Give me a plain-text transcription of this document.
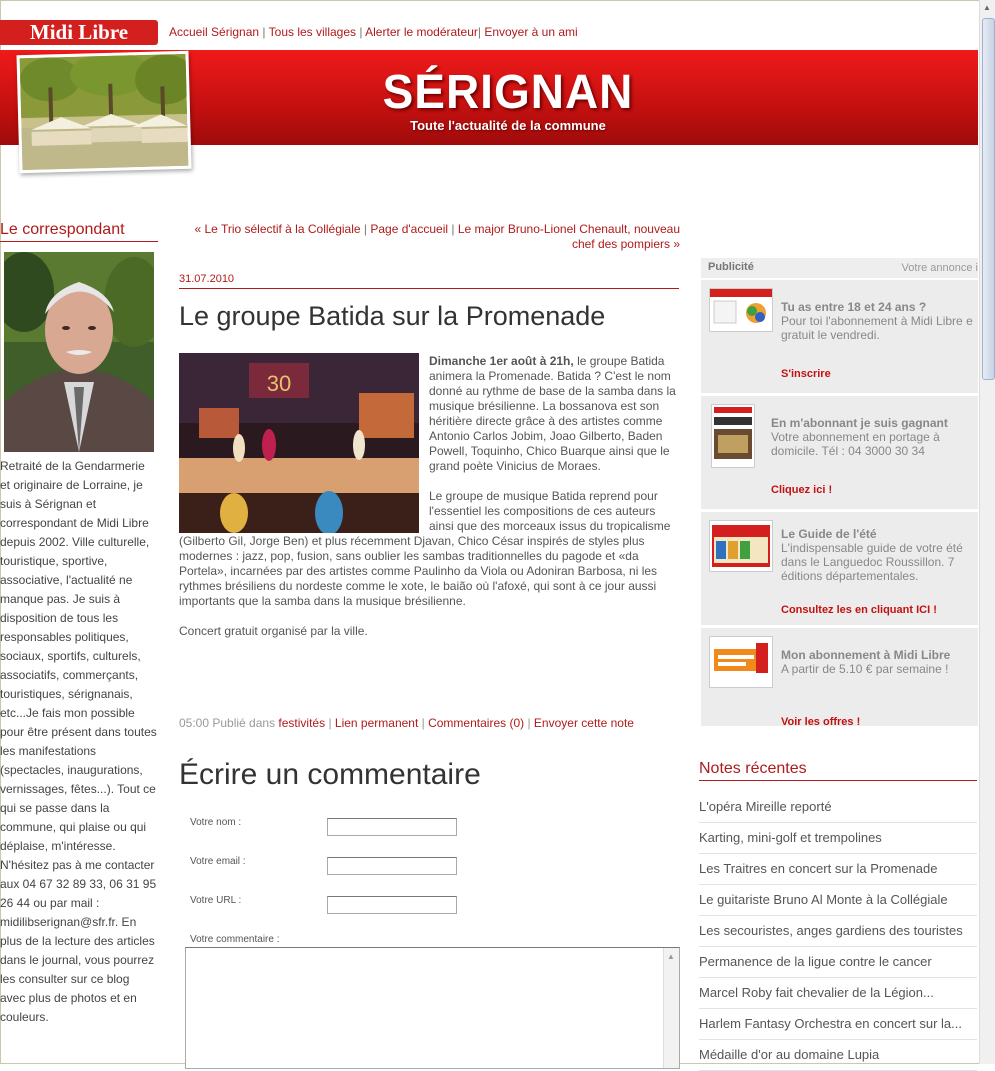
Midi Libre	Accueil Sérignan | Tous les villages | Alerter le modérateur| Envoyer à un ami
SÉRIGNAN
Toute l'actualité de la commune
Le correspondant
Retraité de la Gendarmerie et originaire de Lorraine, je suis à Sérignan et correspondant de Midi Libre depuis 2002. Ville culturelle, touristique, sportive, associative, l'actualité ne manque pas. Je suis à disposition de tous les responsables politiques, sociaux, sportifs, culturels, associatifs, commerçants, touristiques, sérignanais, etc...Je fais mon possible pour être présent dans toutes les manifestations (spectacles, inaugurations, vernissages, fêtes...). Tout ce qui se passe dans la commune, qui plaise ou qui déplaise, m'intéresse. N'hésitez pas à me contacter aux 04 67 32 89 33, 06 31 95 26 44 ou par mail : midilibserignan@sfr.fr. En plus de la lecture des articles dans le journal, vous pourrez les consulter sur ce blog avec plus de photos et en couleurs.
« Le Trio sélectif à la Collégiale | Page d'accueil | Le major Bruno-Lionel Chenault, nouveau chef des pompiers »
31.07.2010
Le groupe Batida sur la Promenade
30

Dimanche 1er août à 21h, le groupe Batida animera la Promenade. Batida ? C'est le nom donné au rythme de base de la samba dans la musique brésilienne. La bossanova est son héritière directe grâce à des artistes comme Antonio Carlos Jobim, Joao Gilberto, Baden Powell, Toquinho, Chico Buarque ainsi que le grand poète Vinicius de Moraes.

Le groupe de musique Batida reprend pour l'essentiel les compositions de ces auteurs ainsi que des morceaux issus du tropicalisme (Gilberto Gil, Jorge Ben) et plus récemment Djavan, Chico César inspirés de styles plus modernes : jazz, pop, fusion, sans oublier les sambas traditionnelles du pagode et «da Portela», incarnées par des artistes comme Paulinho da Viola ou Adoniran Barbosa, ni les rythmes brésiliens du nordeste comme le xote, le baião où l'afoxé, qui sont à ce jour aussi importants que la samba dans la musique brésilienne.

Concert gratuit organisé par la ville.

05:00 Publié dans festivités | Lien permanent | Commentaires (0) | Envoyer cette note
Écrire un commentaire
Votre nom :
Votre email :
Votre URL :
Votre commentaire :
▲
Publicité	Votre annonce i
Tu as entre 18 et 24 ans ?
Pour toi l'abonnement à Midi Libre e gratuit le vendredi.
S'inscrire
En m'abonnant je suis gagnant
Votre abonnement en portage à domicile. Tél : 04 3000 30 34
Cliquez ici !
Le Guide de l'été
L'indispensable guide de votre été dans le Languedoc Roussillon. 7 éditions départementales.
Consultez les en cliquant ICI !
Mon abonnement à Midi Libre
A partir de 5.10 € par semaine !
Voir les offres !
Notes récentes
L'opéra Mireille reporté
Karting, mini-golf et trempolines
Les Traitres en concert sur la Promenade
Le guitariste Bruno Al Monte à la Collégiale
Les secouristes, anges gardiens des touristes
Permanence de la ligue contre le cancer
Marcel Roby fait chevalier de la Légion...
Harlem Fantasy Orchestra en concert sur la...
Médaille d'or au domaine Lupia
▲
